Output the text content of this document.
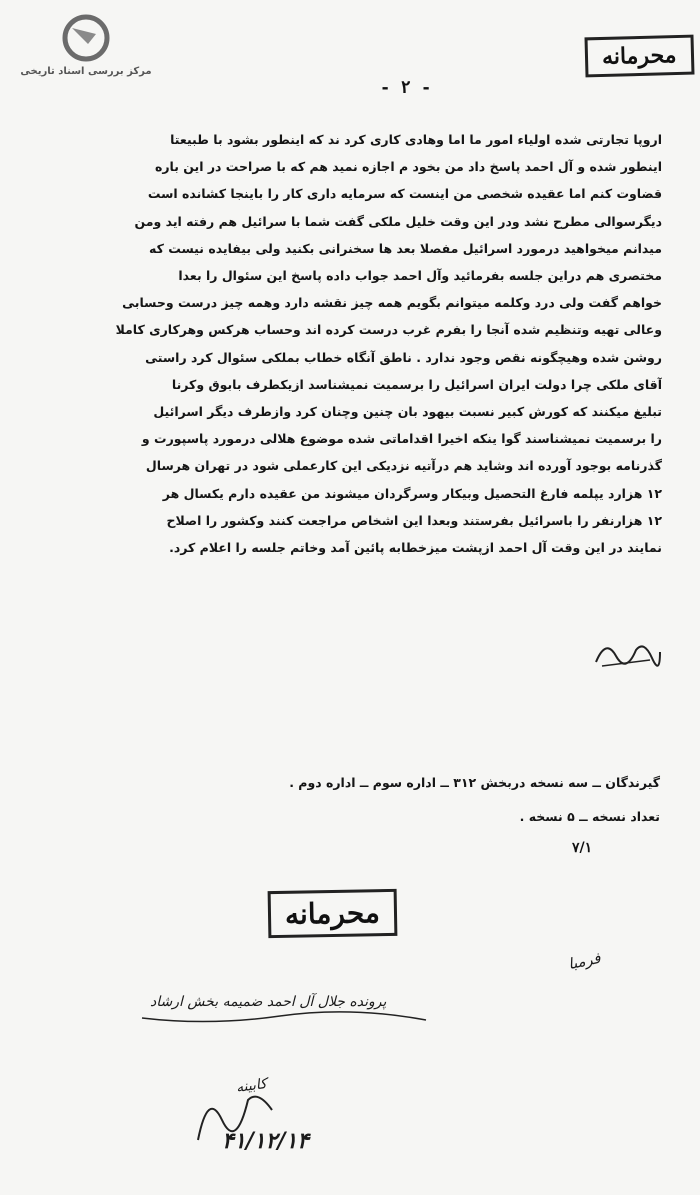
مرکز بررسی اسناد تاریخی
محرمانه
- ۲ -
اروپا تجارتی شده اولیاء امور ما اما وهادی کاری کرد ند که اینطور بشود با طبیعتا
اینطور شده و آل احمد پاسخ داد من بخود م اجازه نمید هم که با صراحت در این باره
قضاوت کنم اما عقیده شخصی من اینست که سرمایه داری کار را باینجا کشانده است
دیگرسوالی مطرح نشد ودر این وقت خلیل ملکی گفت شما با سرائیل هم رفته اید ومن
میدانم میخواهید درمورد اسرائیل مفصلا بعد ها سخنرانی بکنید ولی بیفایده نیست که
مختصری هم دراین جلسه بفرمائید وآل احمد جواب داده پاسخ این سئوال را بعدا
خواهم گفت ولی درد وکلمه میتوانم بگویم همه چیز نقشه دارد وهمه چیز درست وحسابی
وعالی تهیه وتنظیم شده آنجا را بفرم غرب درست کرده اند وحساب هرکس وهرکاری کاملا
روشن شده وهیچگونه نقص وجود ندارد . ناطق آنگاه خطاب بملکی سئوال کرد راستی
آقای ملکی چرا دولت ایران اسرائیل را برسمیت نمیشناسد ازیکطرف بابوق وکرنا
تبلیغ میکنند که کورش کبیر نسبت بیهود بان چنین وچنان کرد وازطرف دیگر اسرائیل
را برسمیت نمیشناسند گوا ینکه اخیرا اقداماتی شده موضوع هلالی درمورد پاسپورت و
گذرنامه بوجود آورده اند وشاید هم درآتیه نزدیکی این کارعملی شود در تهران هرسال
۱۲ هزارد یپلمه فارغ التحصیل وبیکار وسرگردان میشوند من عقیده دارم یکسال هر
۱۲ هزارنفر را باسرائیل بفرستند وبعدا این اشخاص مراجعت کنند وکشور را اصلاح
نمایند در این وقت آل احمد ازپشت میزخطابه پائین آمد وخاتم جلسه را اعلام کرد.
گیرندگان ــ سه نسخه دربخش ۳۱۲ ــ اداره سوم ــ اداره دوم .
تعداد نسخه ــ ۵ نسخه .
۷/۱
محرمانه
فرمبا
پرونده جلال آل احمد ضمیمه بخش ارشاد
کابینه
۴۱/۱۲/۱۴
